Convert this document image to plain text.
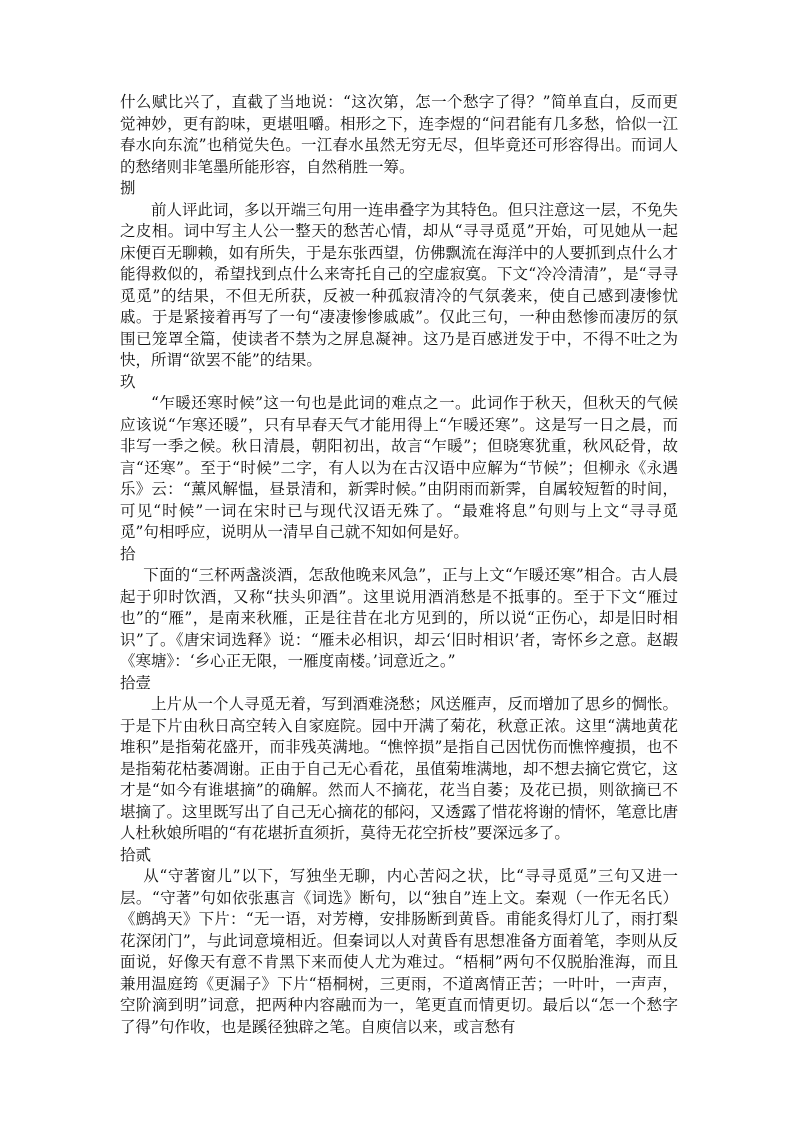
什么赋比兴了，直截了当地说：“这次第，怎一个愁字了得？”简单直白，反而更觉神妙，更有韵味，更堪咀嚼。相形之下，连李煜的“问君能有几多愁，恰似一江春水向东流”也稍觉失色。一江春水虽然无穷无尽，但毕竟还可形容得出。而词人的愁绪则非笔墨所能形容，自然稍胜一筹。

捌

前人评此词，多以开端三句用一连串叠字为其特色。但只注意这一层，不免失之皮相。词中写主人公一整天的愁苦心情，却从“寻寻觅觅”开始，可见她从一起床便百无聊赖，如有所失，于是东张西望，仿佛飘流在海洋中的人要抓到点什么才能得救似的，希望找到点什么来寄托自己的空虚寂寞。下文“冷冷清清”，是“寻寻觅觅”的结果，不但无所获，反被一种孤寂清冷的气氛袭来，使自己感到凄惨忧戚。于是紧接着再写了一句“凄凄惨惨戚戚”。仅此三句，一种由愁惨而凄厉的氛围已笼罩全篇，使读者不禁为之屏息凝神。这乃是百感迸发于中，不得不吐之为快，所谓“欲罢不能”的结果。

玖

“乍暖还寒时候”这一句也是此词的难点之一。此词作于秋天，但秋天的气候应该说“乍寒还暖”，只有早春天气才能用得上“乍暖还寒”。这是写一日之晨，而非写一季之候。秋日清晨，朝阳初出，故言“乍暖”；但晓寒犹重，秋风砭骨，故言“还寒”。至于“时候”二字，有人以为在古汉语中应解为“节候”；但柳永《永遇乐》云：“薰风解愠，昼景清和，新霁时候。”由阴雨而新霁，自属较短暂的时间，可见“时候”一词在宋时已与现代汉语无殊了。“最难将息”句则与上文“寻寻觅觅”句相呼应，说明从一清早自己就不知如何是好。

拾

下面的“三杯两盏淡酒，怎敌他晚来风急”，正与上文“乍暖还寒”相合。古人晨起于卯时饮酒，又称“扶头卯酒”。这里说用酒消愁是不抵事的。至于下文“雁过也”的“雁”，是南来秋雁，正是往昔在北方见到的，所以说“正伤心，却是旧时相识”了。《唐宋词选释》说：“雁未必相识，却云‘旧时相识’者，寄怀乡之意。赵嘏《寒塘》：‘乡心正无限，一雁度南楼。’词意近之。”

拾壹

上片从一个人寻觅无着，写到酒难浇愁；风送雁声，反而增加了思乡的惆怅。于是下片由秋日高空转入自家庭院。园中开满了菊花，秋意正浓。这里“满地黄花堆积”是指菊花盛开，而非残英满地。“憔悴损”是指自己因忧伤而憔悴瘦损，也不是指菊花枯萎凋谢。正由于自己无心看花，虽值菊堆满地，却不想去摘它赏它，这才是“如今有谁堪摘”的确解。然而人不摘花，花当自萎；及花已损，则欲摘已不堪摘了。这里既写出了自己无心摘花的郁闷，又透露了惜花将谢的情怀，笔意比唐人杜秋娘所唱的“有花堪折直须折，莫待无花空折枝”要深远多了。

拾贰

从“守著窗儿”以下，写独坐无聊，内心苦闷之状，比“寻寻觅觅”三句又进一层。“守著”句如依张惠言《词选》断句，以“独自”连上文。秦观（一作无名氏）《鹧鸪天》下片：“无一语，对芳樽，安排肠断到黄昏。甫能炙得灯儿了，雨打梨花深闭门”，与此词意境相近。但秦词以人对黄昏有思想准备方面着笔，李则从反面说，好像天有意不肯黑下来而使人尤为难过。“梧桐”两句不仅脱胎淮海，而且兼用温庭筠《更漏子》下片“梧桐树，三更雨，不道离情正苦；一叶叶，一声声，空阶滴到明”词意，把两种内容融而为一，笔更直而情更切。最后以“怎一个愁字了得”句作收，也是蹊径独辟之笔。自庾信以来，或言愁有
